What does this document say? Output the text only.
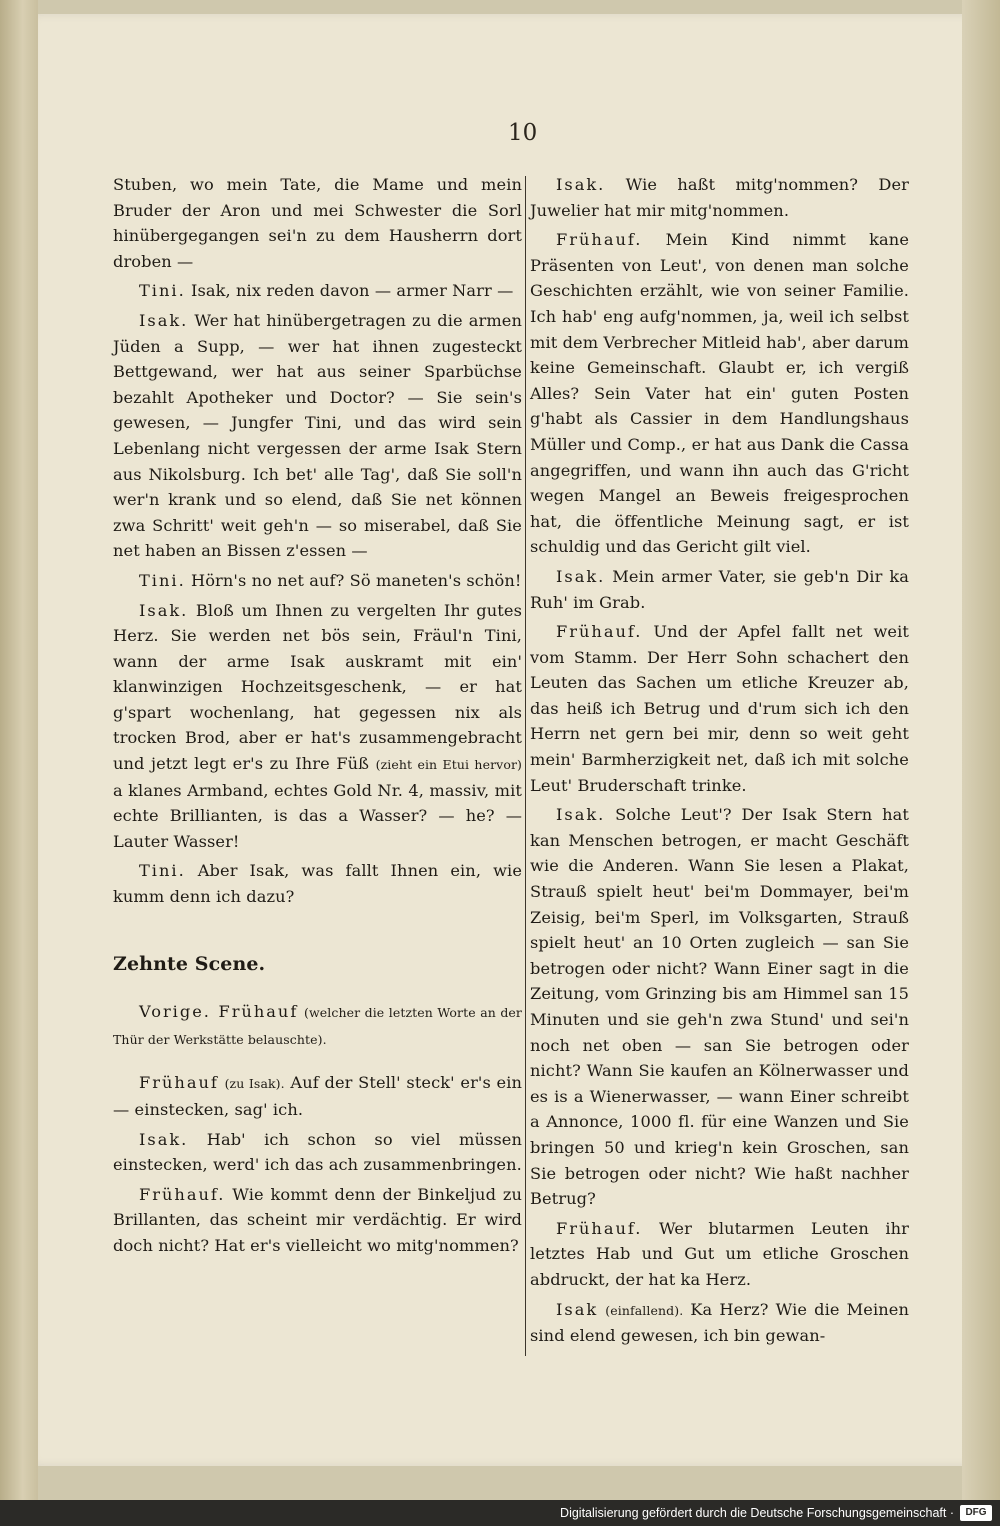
10

Stuben, wo mein Tate, die Mame und mein Bruder der Aron und mei Schwester die Sorl hinübergegangen sei'n zu dem Hausherrn dort droben —

Tini. Isak, nix reden davon — armer Narr —

Isak. Wer hat hinübergetragen zu die armen Jüden a Supp, — wer hat ihnen zugesteckt Bettgewand, wer hat aus seiner Sparbüchse bezahlt Apotheker und Doctor? — Sie sein's gewesen, — Jungfer Tini, und das wird sein Lebenlang nicht vergessen der arme Isak Stern aus Nikolsburg. Ich bet' alle Tag', daß Sie soll'n wer'n krank und so elend, daß Sie net können zwa Schritt' weit geh'n — so miserabel, daß Sie net haben an Bissen z'essen —

Tini. Hörn's no net auf? Sö maneten's schön!

Isak. Bloß um Ihnen zu vergelten Ihr gutes Herz. Sie werden net bös sein, Fräul'n Tini, wann der arme Isak auskramt mit ein' klanwinzigen Hochzeitsgeschenk, — er hat g'spart wochenlang, hat gegessen nix als trocken Brod, aber er hat's zusammengebracht und jetzt legt er's zu Ihre Füß (zieht ein Etui hervor) a klanes Armband, echtes Gold Nr. 4, massiv, mit echte Brillianten, is das a Wasser? — he? — Lauter Wasser!

Tini. Aber Isak, was fallt Ihnen ein, wie kumm denn ich dazu?

Zehnte Scene.

Vorige. Frühauf (welcher die letzten Worte an der Thür der Werkstätte belauschte).

Frühauf (zu Isak). Auf der Stell' steck' er's ein — einstecken, sag' ich.

Isak. Hab' ich schon so viel müssen einstecken, werd' ich das ach zusammenbringen.

Frühauf. Wie kommt denn der Binkeljud zu Brillanten, das scheint mir verdächtig. Er wird doch nicht? Hat er's vielleicht wo mitg'nommen?

Isak. Wie haßt mitg'nommen? Der Juwelier hat mir mitg'nommen.

Frühauf. Mein Kind nimmt kane Präsenten von Leut', von denen man solche Geschichten erzählt, wie von seiner Familie. Ich hab' eng aufg'nommen, ja, weil ich selbst mit dem Verbrecher Mitleid hab', aber darum keine Gemeinschaft. Glaubt er, ich vergiß Alles? Sein Vater hat ein' guten Posten g'habt als Cassier in dem Handlungshaus Müller und Comp., er hat aus Dank die Cassa angegriffen, und wann ihn auch das G'richt wegen Mangel an Beweis freigesprochen hat, die öffentliche Meinung sagt, er ist schuldig und das Gericht gilt viel.

Isak. Mein armer Vater, sie geb'n Dir ka Ruh' im Grab.

Frühauf. Und der Apfel fallt net weit vom Stamm. Der Herr Sohn schachert den Leuten das Sachen um etliche Kreuzer ab, das heiß ich Betrug und d'rum sich ich den Herrn net gern bei mir, denn so weit geht mein' Barmherzigkeit net, daß ich mit solche Leut' Bruderschaft trinke.

Isak. Solche Leut'? Der Isak Stern hat kan Menschen betrogen, er macht Geschäft wie die Anderen. Wann Sie lesen a Plakat, Strauß spielt heut' bei'm Dommayer, bei'm Zeisig, bei'm Sperl, im Volksgarten, Strauß spielt heut' an 10 Orten zugleich — san Sie betrogen oder nicht? Wann Einer sagt in die Zeitung, vom Grinzing bis am Himmel san 15 Minuten und sie geh'n zwa Stund' und sei'n noch net oben — san Sie betrogen oder nicht? Wann Sie kaufen an Kölnerwasser und es is a Wienerwasser, — wann Einer schreibt a Annonce, 1000 fl. für eine Wanzen und Sie bringen 50 und krieg'n kein Groschen, san Sie betrogen oder nicht? Wie haßt nachher Betrug?

Frühauf. Wer blutarmen Leuten ihr letztes Hab und Gut um etliche Groschen abdruckt, der hat ka Herz.

Isak (einfallend). Ka Herz? Wie die Meinen sind elend gewesen, ich bin gewan-

Digitalisierung gefördert durch die Deutsche Forschungsgemeinschaft ·	DFG
